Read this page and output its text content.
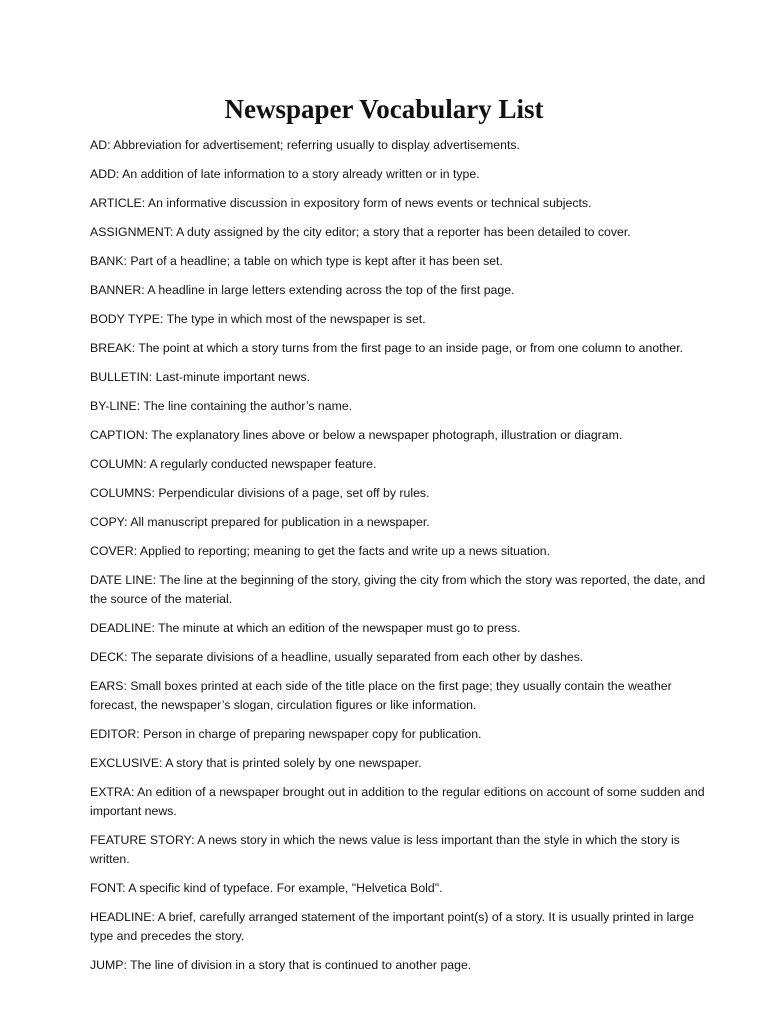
Newspaper Vocabulary List
AD: Abbreviation for advertisement; referring usually to display advertisements.
ADD: An addition of late information to a story already written or in type.
ARTICLE: An informative discussion in expository form of news events or technical subjects.
ASSIGNMENT: A duty assigned by the city editor; a story that a reporter has been detailed to cover.
BANK: Part of a headline; a table on which type is kept after it has been set.
BANNER: A headline in large letters extending across the top of the first page.
BODY TYPE: The type in which most of the newspaper is set.
BREAK: The point at which a story turns from the first page to an inside page, or from one column to another.
BULLETIN: Last-minute important news.
BY-LINE: The line containing the author’s name.
CAPTION: The explanatory lines above or below a newspaper photograph, illustration or diagram.
COLUMN: A regularly conducted newspaper feature.
COLUMNS: Perpendicular divisions of a page, set off by rules.
COPY: All manuscript prepared for publication in a newspaper.
COVER: Applied to reporting; meaning to get the facts and write up a news situation.
DATE LINE: The line at the beginning of the story, giving the city from which the story was reported, the date, and the source of the material.
DEADLINE: The minute at which an edition of the newspaper must go to press.
DECK: The separate divisions of a headline, usually separated from each other by dashes.
EARS: Small boxes printed at each side of the title place on the first page; they usually contain the weather forecast, the newspaper’s slogan, circulation figures or like information.
EDITOR: Person in charge of preparing newspaper copy for publication.
EXCLUSIVE: A story that is printed solely by one newspaper.
EXTRA: An edition of a newspaper brought out in addition to the regular editions on account of some sudden and important news.
FEATURE STORY: A news story in which the news value is less important than the style in which the story is written.
FONT: A specific kind of typeface. For example, "Helvetica Bold".
HEADLINE: A brief, carefully arranged statement of the important point(s) of a story. It is usually printed in large type and precedes the story.
JUMP: The line of division in a story that is continued to another page.
